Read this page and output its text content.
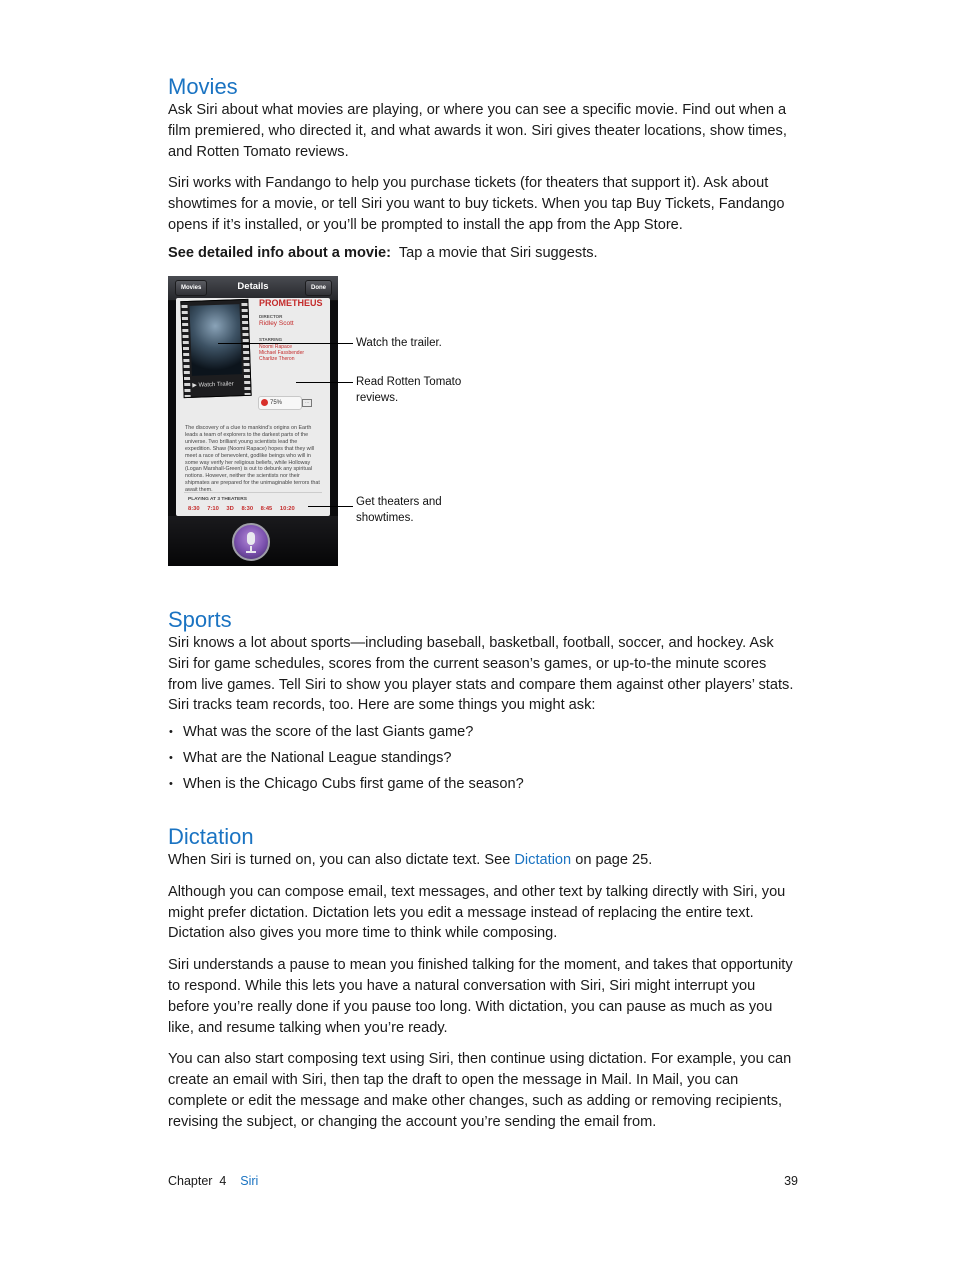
Movies

Ask Siri about what movies are playing, or where you can see a specific movie. Find out when a film premiered, who directed it, and what awards it won. Siri gives theater locations, show times, and Rotten Tomato reviews.

Siri works with Fandango to help you purchase tickets (for theaters that support it). Ask about showtimes for a movie, or tell Siri you want to buy tickets. When you tap Buy Tickets, Fandango opens if it’s installed, or you’ll be prompted to install the app from the App Store.

See detailed info about a movie: Tap a movie that Siri suggests.

Movies	Details	Done
▶ Watch Trailer
PROMETHEUS
DIRECTOR
Ridley Scott
STARRING
Noomi Rapace
Michael Fassbender
Charlize Theron
75%	⋯
The discovery of a clue to mankind’s origins on Earth leads a team of explorers to the darkest parts of the universe. Two brilliant young scientists lead the expedition. Shaw (Noomi Rapace) hopes that they will meet a race of benevolent, godlike beings who will in some way verify her religious beliefs, while Holloway (Logan Marshall-Green) is out to debunk any spiritual notions. However, neither the scientists nor their shipmates are prepared for the unimaginable terrors that await them.
PLAYING AT 3 THEATERS
8:30 7:10 3D 8:30 8:45 10:20
Watch the trailer.
Read Rotten Tomato reviews.
Get theaters and showtimes.
Sports

Siri knows a lot about sports—including baseball, basketball, football, soccer, and hockey. Ask Siri for game schedules, scores from the current season’s games, or up-to-the minute scores from live games. Tell Siri to show you player stats and compare them against other players’ stats. Siri tracks team records, too. Here are some things you might ask:

• What was the score of the last Giants game?
• What are the National League standings?
• When is the Chicago Cubs first game of the season?
Dictation

When Siri is turned on, you can also dictate text. See Dictation on page 25.

Although you can compose email, text messages, and other text by talking directly with Siri, you might prefer dictation. Dictation lets you edit a message instead of replacing the entire text. Dictation also gives you more time to think while composing.

Siri understands a pause to mean you finished talking for the moment, and takes that opportunity to respond. While this lets you have a natural conversation with Siri, Siri might interrupt you before you’re really done if you pause too long. With dictation, you can pause as much as you like, and resume talking when you’re ready.

You can also start composing text using Siri, then continue using dictation. For example, you can create an email with Siri, then tap the draft to open the message in Mail. In Mail, you can complete or edit the message and make other changes, such as adding or removing recipients, revising the subject, or changing the account you’re sending the email from.

Chapter  4 Siri	39
